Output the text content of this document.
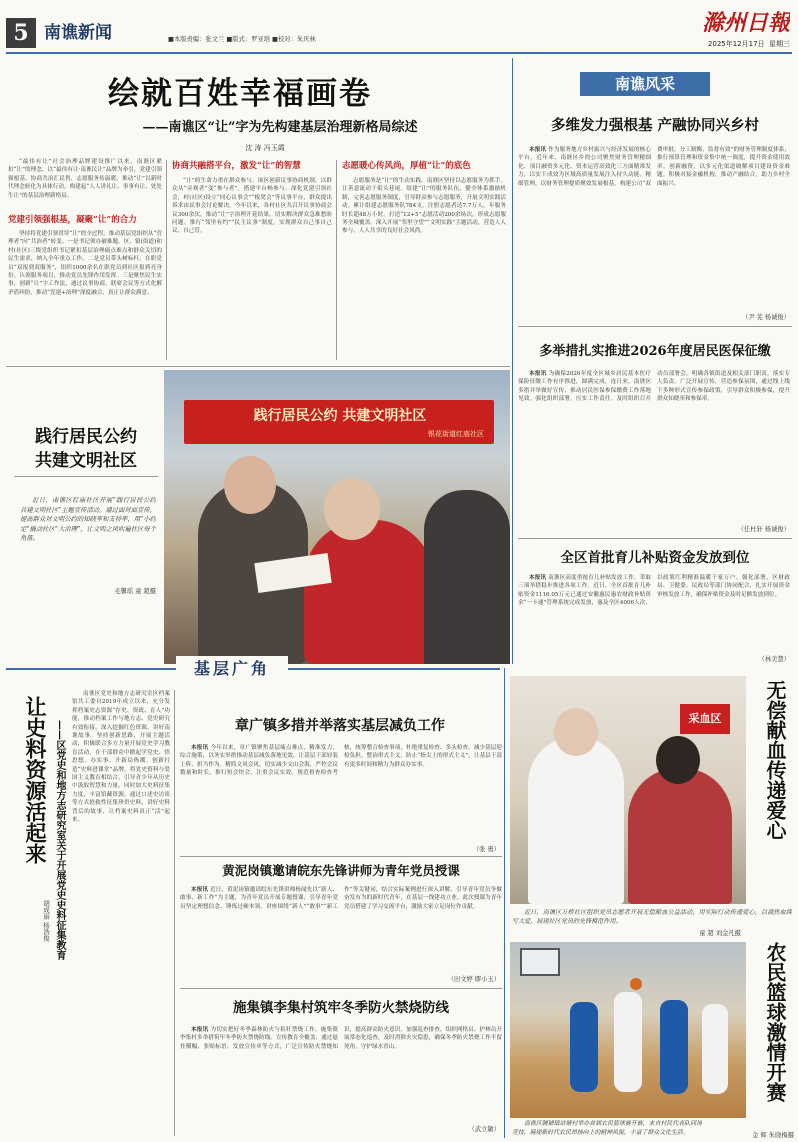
5 南谯新闻	■本版责编：张文兰 ■版式：罗亚培 ■校对：朱庆林
滁州日報
2025年12月17日 星期三
绘就百姓幸福画卷
——南谯区“让”字为先构建基层治理新格局综述
沈 涛 冯玉霞
“最伟有让”社会治理品牌建设推广以来，南谯区紧扣“让”的理念，以“最伟有让·南谯民让”品牌为牵引，党建引领强根基、协商共治汇民智、志愿服务传温暖，推动“让”以新时代理念转化为具体行动，构建起“人人讲礼让、事事有让、处处生让”的基层治理新格局。
党建引领强根基，凝聚“让”的合力
坚持将党建引领贯穿“让”的全过程，推动基层党组织从“管理者”向“共治者”转变。一是书记领办破难题。区、镇(街道)和村(社区)三级党组织书记紧扣基层治理痛点难点和群众关切的民生需求，纳入全年重点工作。二是党员带头树标杆。在职党员“双报到双服务”，组织1000余名在职党员到社区报到亮身份、认领服务项目，推动党员先锋作用发挥。三是聚焦民生实事，创新“让”字工作法，通过议事协商、联席会议等方式化解矛盾纠纷，推动“党建+治理”深度融合，真正让群众满意。
协商共融搭平台，激发“让”的智慧
“让”的生命力重在群众参与。该区创新议事协商机制，以群众从“旁观者”变“参与者”，搭建平台畅参与。深化党建引领社会，村(社区)设立“同心议事会”“板凳会”等议事平台，群众提出诉求由议事会讨论解决。今年以来，各村社区共召开议事协商会议300余次，推动“让”字治理开花结果，切实解决群众急难愁盼问题。推行“邻里有约”“民主议事”制度，实现群众自己事自己议、自己管。
志愿暖心传风尚，厚植“让”的底色
志愿服务是“让”的生动实践。南谯区坚持以志愿服务为抓手，让善意流动于街头巷尾。组建“让”的服务队伍，健全体系激励机制，完善志愿服务制度，引导群众参与志愿服务，开展文明实践活动。累计组建志愿服务队784支，注册志愿者达7.7万人，年服务时长超48万小时。打造“12+5”志愿活动200余场次，形成志愿服务全城覆盖。深入开展“邻里守望”“文明实践”主题活动，营造人人参与、人人共享的良好社会风尚。
践行居民公约
共建文明社区
近日，南谯区红庙社区开展“践行居民公约 共建文明社区”主题宣传活动。通过面对面宣传，提高群众对文明公约的知晓率和支持率，用“小约定”撬动社区“大治理”，让文明之风吹遍社区每个角落。
毛馨瑶 童 超摄
践行居民公约 共建文明社区
银花街道红庙社区
南谯风采
多维发力强根基 产融协同兴乡村
本报讯 作为服务地方乡村振兴与经济发展的核心平台，近年来，南谯区乡投公司聚焦财务管理精细化、项目融资多元化、资本运营高效化三方面精准发力，以实干成效为区域高质量发展注入持久动能。精细管理，以财务管理提质聚效发展根基。构建公司“双费审批、分工制衡、监督有效”的财务管理制度体系，推行预算管理和资金集中统一调度，提升资金使用效率。创新融资，以多元化渠道破解项目建设资金难题。积极对接金融机构，推动产融结合，助力乡村全面振兴。
（尹 芜 杨诚俊）
多举措扎实推进2026年度居民医保征缴
本报讯 为确保2026年度全区城乡居民基本医疗保险征缴工作有序推进，圆满完成，连日来，南谯区多措并举做好宣传、推动居民医保参保缴费工作落地见效。强化组织部署，压实工作责任。及时组织召开动员部署会，明确各镇街道及相关部门职责，落实专人负责。广泛开展宣传，营造参保氛围，通过线上线下多种形式宣传参保政策，引导群众积极参保，提升群众知晓率和参保率。
（任杜轩 杨诚俊）
全区首批育儿补贴资金发放到位
本报讯 南谯区高度重视育儿补贴发放工作，采取三项举措稳步推进各项工作。近日，全区首批育儿补贴资金1116.05万元已通过安徽惠民惠农财政补贴资金“一卡通”管理系统完成发放，惠及全区4006人次，以政策红利精准温暖千家万户。强化部署，区财政局、卫健委、民政局等部门协同配合，扎实开展资金审核发放工作，确保补贴资金及时足额发放到位。
（林美慧）
基层广角
让史料资源活起来 ——区党史和地方志研究室关于开展党史史料征集教育
胡成丽 杨浩俊
南谯区党史和地方志研究室区档案馆共工委自2019年成立以来，充分发挥档案史志资源“存史、资政、育人”功能，推动档案工作与地方志、党史研究有效衔接，深入挖掘红色资源，讲好南谯故事。坚持创新思路，开展主题活动，积极联合多方力量开展党史学习教育活动，在干部群众中掀起学党史、悟思想、办实事、开新局热潮。创新打造“史料进课堂”品牌，将党史资料与爱国主义教育相结合，引导青少年从历史中汲取智慧和力量。同时加大史料征集力度，丰富馆藏资源，通过口述史访谈等方式抢救性征集珍贵史料，讲好史料背后的故事，让档案史料真正“活”起来。
章广镇多措并举落实基层减负工作
本报讯 今年以来，章广镇聚焦基层痛点难点，精准发力，综合施策，以务实举措推动基层减负落地见效，让基层干部轻装上阵、担当作为。精简文风会风，切实减少文山会海，严控会议数量和时长，推行短会快会，注重会议实效。规范督查检查考核，统筹整合检查事项，杜绝重复检查、多头检查，减少基层迎检负担。整治形式主义，防止“指尖上的形式主义”，让基层干部有更多时间和精力为群众办实事。
（张 勇）
黄泥岗镇邀请皖东先锋讲师为青年党员授课
本报讯 近日，黄泥岗镇邀请皖东先锋讲师杨闻先以“新人、敢事、新工作”为主题，为青年党员开展专题授课，引导青年党员坚定理想信念、锤炼过硬本领。讲座围绕“新人”“敢事”“新工作”等关键词，结合实际案例进行深入讲解，引导青年党员争做奋发有为的新时代青年，在基层一线建功立业。此次授课为青年党员搭建了学习交流平台，激励大家立足岗位作贡献。
（田文婷 缪小玉）
施集镇李集村筑牢冬季防火禁烧防线
本报讯 为切实把好冬季森林防火与秸秆禁烧工作，施集镇李集村多举措筑牢冬季防火禁烧防线。宣传教育全覆盖，通过悬挂横幅、张贴标语、发放宣传单等方式，广泛宣传防火禁烧知识，提高群众防火意识。加强巡查排查，组织网格员、护林员开展常态化巡查，及时消除火灾隐患，确保冬季防火禁烧工作不留死角，守护绿水青山。
（武立敏）
采血区	无偿献血传递爱心
近日，南谯区万桥社区组织党员志愿者开展无偿献血公益活动，用实际行动传递爱心，以滴热血续写大爱，展现社区党员的先锋模范作用。
童 超 刘金凡摄
农民篮球激情开赛
南谯区腰铺镇站塘村举办首届农民篮球赛开赛，来自村民代表队同场竞技，展现新时代农民昂扬向上的精神风貌，丰富了群众文化生活。	金 辉 朱晓梅摄
